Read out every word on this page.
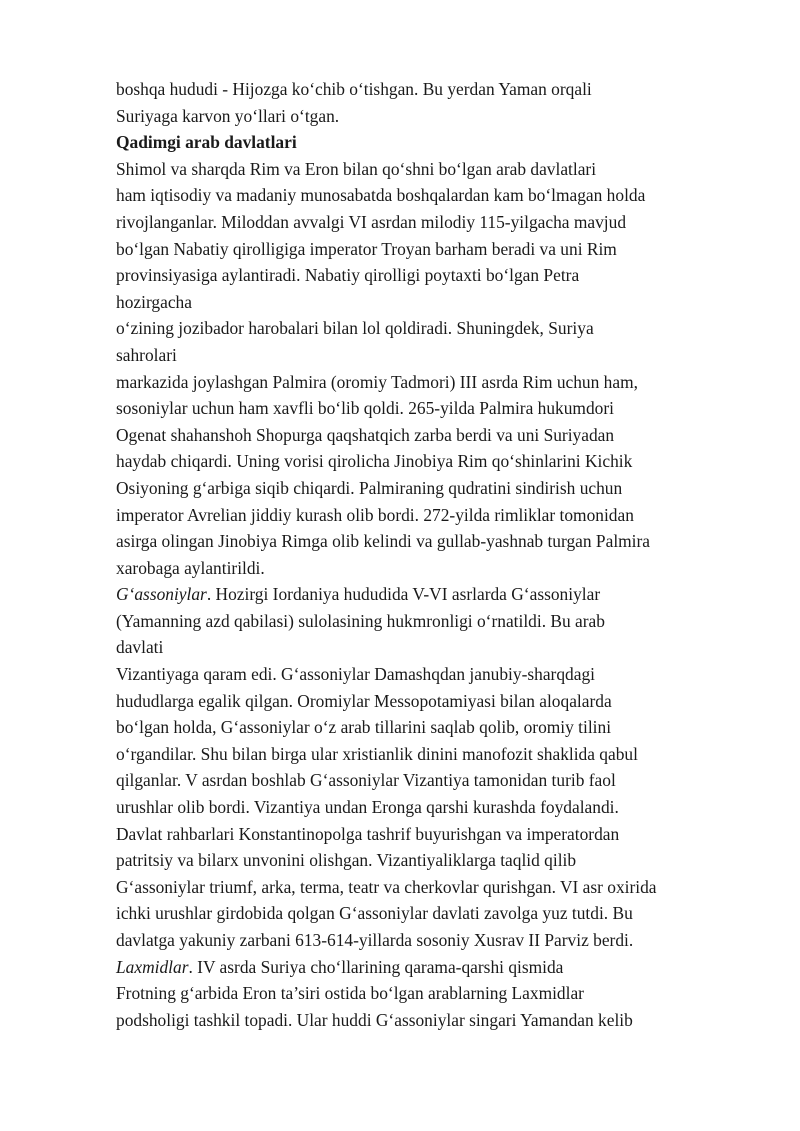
boshqa hududi - Hijozga ko‘chib o‘tishgan. Bu yerdan Yaman orqali
Suriyaga karvon yo‘llari o‘tgan.
Qadimgi arab davlatlari
Shimol va sharqda Rim va Eron bilan qo‘shni bo‘lgan arab davlatlari
ham iqtisodiy va madaniy munosabatda boshqalardan kam bo‘lmagan holda
rivojlanganlar. Miloddan avvalgi VI asrdan milodiy 115-yilgacha mavjud
bo‘lgan Nabatiy qirolligiga imperator Troyan barham beradi va uni Rim
provinsiyasiga aylantiradi. Nabatiy qirolligi poytaxti bo‘lgan Petra
hozirgacha
o‘zining jozibador harobalari bilan lol qoldiradi. Shuningdek, Suriya
sahrolari
markazida joylashgan Palmira (oromiy Tadmori) III asrda Rim uchun ham,
sosoniylar uchun ham xavfli bo‘lib qoldi. 265-yilda Palmira hukumdori
Ogenat shahanshoh Shopurga qaqshatqich zarba berdi va uni Suriyadan
haydab chiqardi. Uning vorisi qirolicha Jinobiya Rim qo‘shinlarini Kichik
Osiyoning g‘arbiga siqib chiqardi. Palmiraning qudratini sindirish uchun
imperator Avrelian jiddiy kurash olib bordi. 272-yilda rimliklar tomonidan
asirga olingan Jinobiya Rimga olib kelindi va gullab-yashnab turgan Palmira
xarobaga aylantirildi.
G‘assoniylar. Hozirgi Iordaniya hududida V-VI asrlarda G‘assoniylar
(Yamanning azd qabilasi) sulolasining hukmronligi o‘rnatildi. Bu arab
davlati
Vizantiyaga qaram edi. G‘assoniylar Damashqdan janubiy-sharqdagi
hududlarga egalik qilgan. Oromiylar Messopotamiyasi bilan aloqalarda
bo‘lgan holda, G‘assoniylar o‘z arab tillarini saqlab qolib, oromiy tilini
o‘rgandilar. Shu bilan birga ular xristianlik dinini manofozit shaklida qabul
qilganlar. V asrdan boshlab G‘assoniylar Vizantiya tamonidan turib faol
urushlar olib bordi. Vizantiya undan Eronga qarshi kurashda foydalandi.
Davlat rahbarlari Konstantinopolga tashrif buyurishgan va imperatordan
patritsiy va bilarx unvonini olishgan. Vizantiyaliklarga taqlid qilib
G‘assoniylar triumf, arka, terma, teatr va cherkovlar qurishgan. VI asr oxirida
ichki urushlar girdobida qolgan G‘assoniylar davlati zavolga yuz tutdi. Bu
davlatga yakuniy zarbani 613-614-yillarda sosoniy Xusrav II Parviz berdi.
Laxmidlar. IV asrda Suriya cho‘llarining qarama-qarshi qismida
Frotning g‘arbida Eron ta’siri ostida bo‘lgan arablarning Laxmidlar
podsholigi tashkil topadi. Ular huddi G‘assoniylar singari Yamandan kelib
